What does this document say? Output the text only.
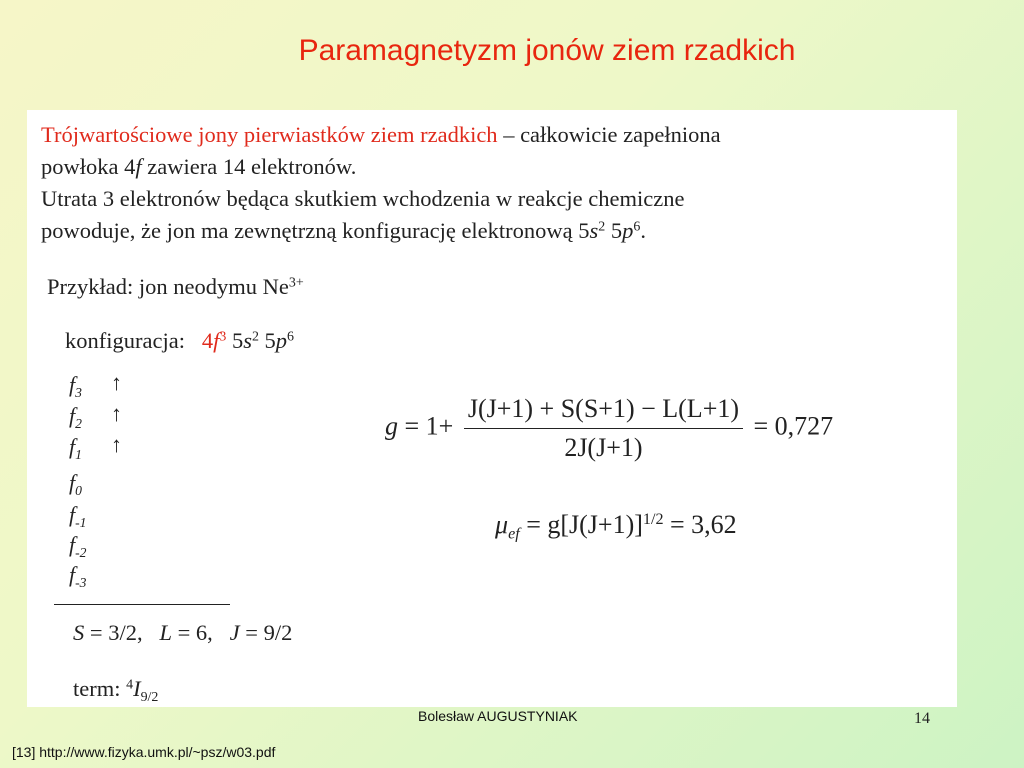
Paramagnetyzm jonów ziem rzadkich
Trójwartościowe jony pierwiastków ziem rzadkich – całkowicie zapełniona
powłoka 4f zawiera 14 elektronów.
Utrata 3 elektronów będąca skutkiem wchodzenia w reakcje chemiczne
powoduje, że jon ma zewnętrzną konfigurację elektronową $5s^2$ $5p^6$.
Przykład: jon neodymu $Ne^{3+}$
konfiguracja: $4f^3$ $5s^2$ $5p^6$
$f_3$ ↑
$f_2$ ↑
$f_1$ ↑
$f_0$
$f_{-1}$
$f_{-2}$
$f_{-3}$
S = 3/2, L = 6, J = 9/2
term: $^4I_{9/2}$
$g = 1+ \frac{J(J+1) + S(S+1) - L(L+1)}{2J(J+1)} = 0,727$
$\mu_{ef} = g[J(J+1)]^{1/2} = 3,62$
Bolesław AUGUSTYNIAK	14
[13] http://www.fizyka.umk.pl/~psz/w03.pdf
